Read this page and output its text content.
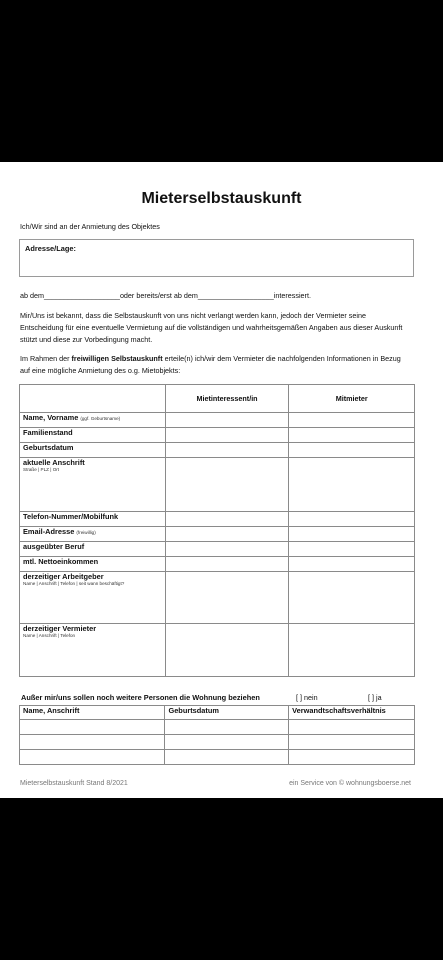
Mieterselbstauskunft
Ich/Wir sind an der Anmietung des Objektes
Adresse/Lage:
ab dem___________________oder bereits/erst ab dem___________________interessiert.
Mir/Uns ist bekannt, dass die Selbstauskunft von uns nicht verlangt werden kann, jedoch der Vermieter seine Entscheidung für eine eventuelle Vermietung auf die vollständigen und wahrheitsgemäßen Angaben aus dieser Auskunft stützt und diese zur Vorbedingung macht.
Im Rahmen der freiwilligen Selbstauskunft erteile(n) ich/wir dem Vermieter die nachfolgenden Informationen in Bezug auf eine mögliche Anmietung des o.g. Mietobjekts:
	Mietinteressent/in	Mitmieter
Name, Vorname (ggf. Geburtsname)		
Familienstand		
Geburtsdatum		

aktuelle Anschrift
Straße | PLZ | Ort		

Telefon-Nummer/Mobilfunk		
Email-Adresse (freiwillig)		
ausgeübter Beruf		
mtl. Nettoeinkommen		

derzeitiger Arbeitgeber
Name | Anschrift | Telefon | seit wann beschäftigt?		

derzeitiger Vermieter
Name | Anschrift | Telefon		

Außer mir/uns sollen noch weitere Personen die Wohnung beziehen	[ ] nein	[ ] ja
Name, Anschrift	Geburtsdatum	Verwandtschaftsverhältnis

Mieterselbstauskunft Stand 8/2021	ein Service von © wohnungsboerse.net
